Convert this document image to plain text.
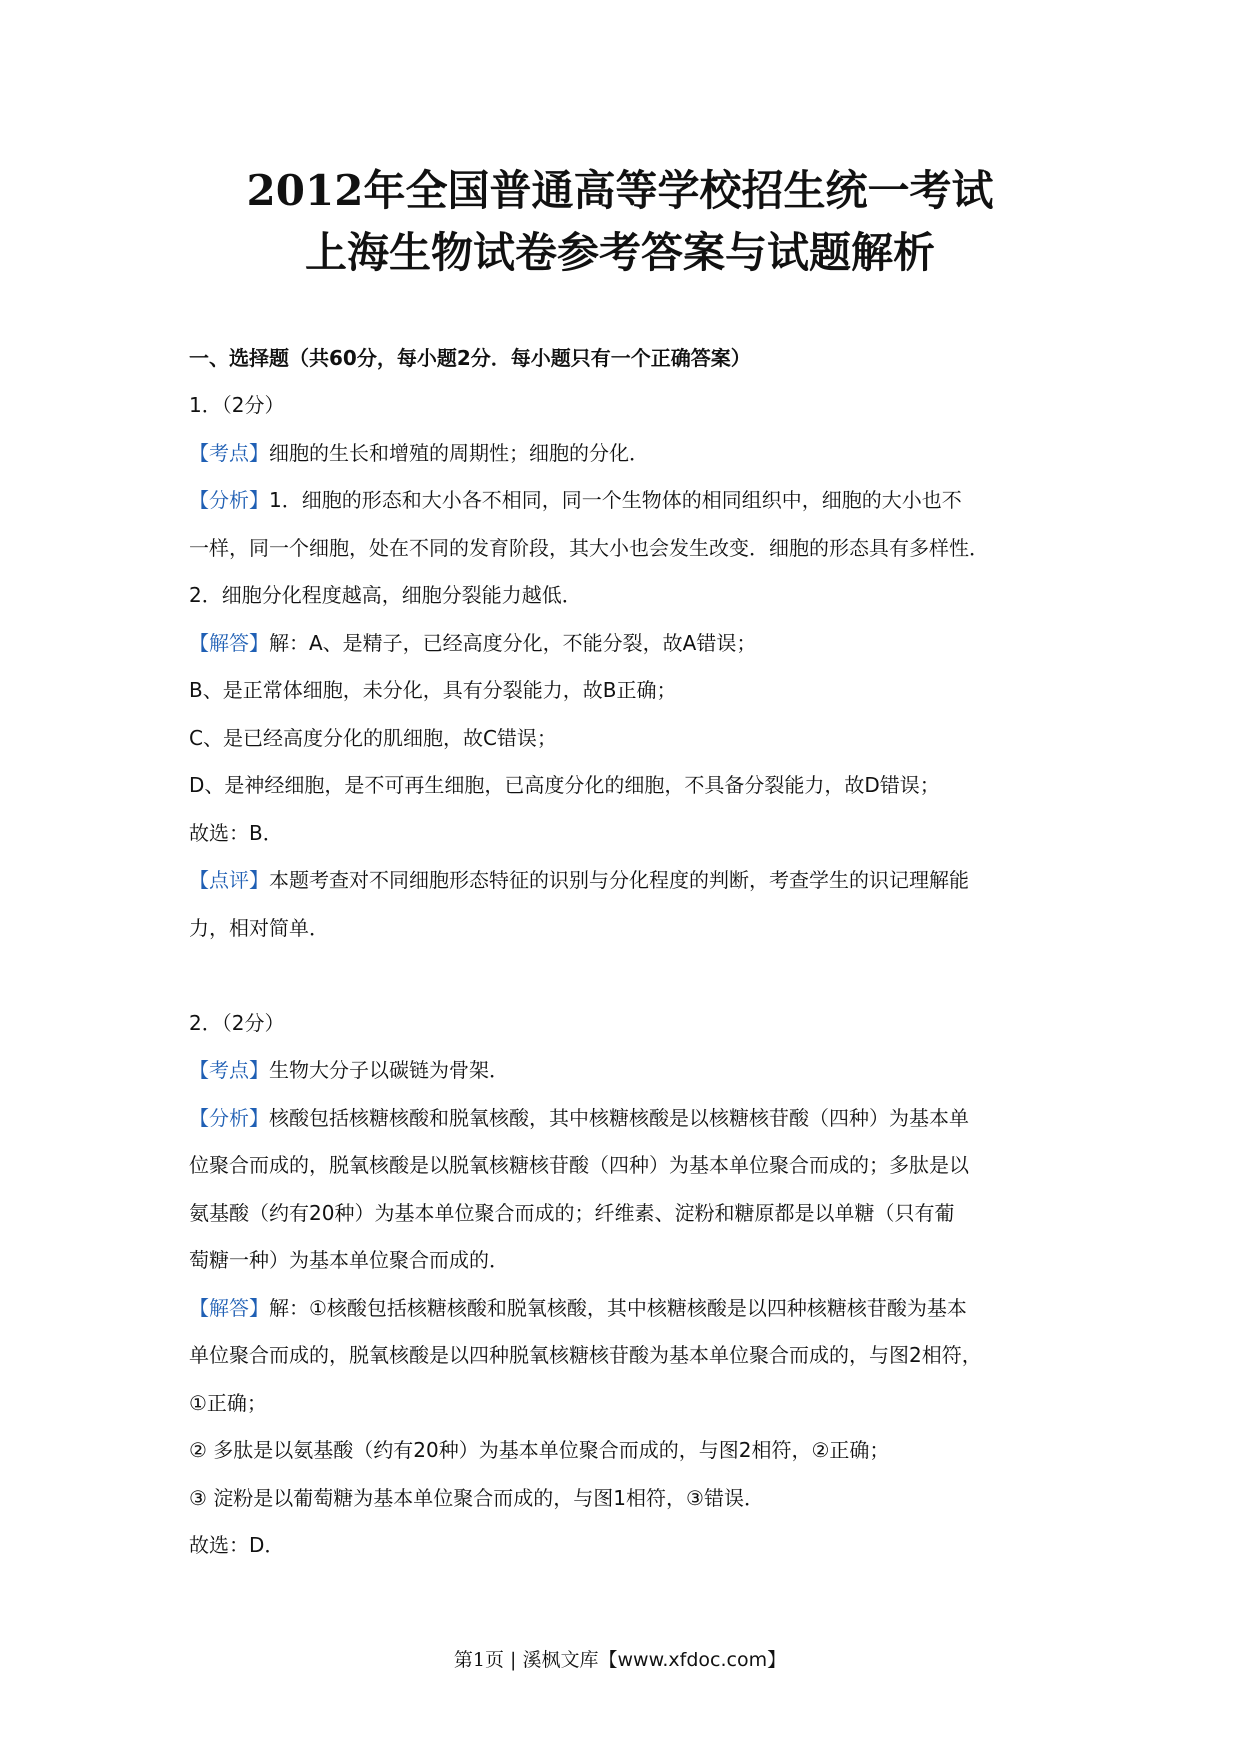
2012年全国普通高等学校招生统一考试
上海生物试卷参考答案与试题解析
一、选择题（共60分，每小题2分．每小题只有一个正确答案）
1．（2分）
【考点】细胞的生长和增殖的周期性；细胞的分化．
【分析】1．细胞的形态和大小各不相同，同一个生物体的相同组织中，细胞的大小也不
一样，同一个细胞，处在不同的发育阶段，其大小也会发生改变．细胞的形态具有多样性．
2．细胞分化程度越高，细胞分裂能力越低．
【解答】解：A、是精子，已经高度分化，不能分裂，故A错误；
B、是正常体细胞，未分化，具有分裂能力，故B正确；
C、是已经高度分化的肌细胞，故C错误；
D、是神经细胞，是不可再生细胞，已高度分化的细胞，不具备分裂能力，故D错误；
故选：B．
【点评】本题考查对不同细胞形态特征的识别与分化程度的判断，考查学生的识记理解能
力，相对简单．
2．（2分）
【考点】生物大分子以碳链为骨架．
【分析】核酸包括核糖核酸和脱氧核酸，其中核糖核酸是以核糖核苷酸（四种）为基本单
位聚合而成的，脱氧核酸是以脱氧核糖核苷酸（四种）为基本单位聚合而成的；多肽是以
氨基酸（约有20种）为基本单位聚合而成的；纤维素、淀粉和糖原都是以单糖（只有葡
萄糖一种）为基本单位聚合而成的．
【解答】解：①核酸包括核糖核酸和脱氧核酸，其中核糖核酸是以四种核糖核苷酸为基本
单位聚合而成的，脱氧核酸是以四种脱氧核糖核苷酸为基本单位聚合而成的，与图2相符，
①正确；
② 多肽是以氨基酸（约有20种）为基本单位聚合而成的，与图2相符，②正确；
③ 淀粉是以葡萄糖为基本单位聚合而成的，与图1相符，③错误．
故选：D．
第1页 | 溪枫文库【www.xfdoc.com】
